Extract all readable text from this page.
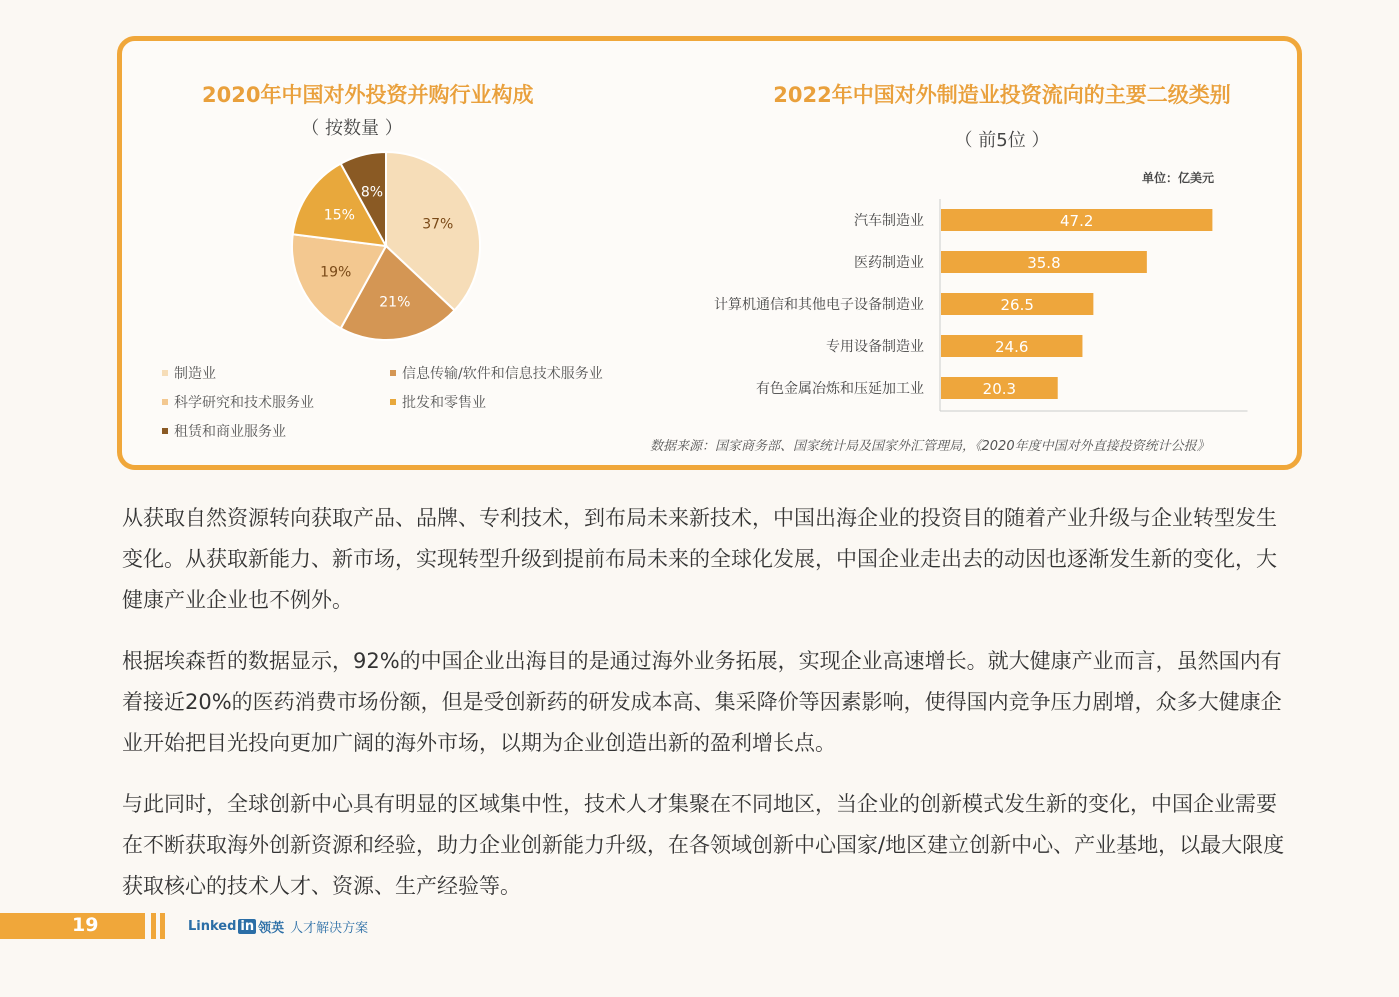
2020年中国对外投资并购行业构成
（ 按数量 ）
37%
21%
19%
15%
8%
制造业	信息传输/软件和信息技术服务业
科学研究和技术服务业	批发和零售业
租赁和商业服务业
2022年中国对外制造业投资流向的主要二级类别
（ 前5位 ）
单位：亿美元
汽车制造业	47.2
医药制造业	35.8
计算机通信和其他电子设备制造业	26.5
专用设备制造业	24.6
有色金属冶炼和压延加工业	20.3
数据来源：国家商务部、国家统计局及国家外汇管理局，《2020年度中国对外直接投资统计公报》
从获取自然资源转向获取产品、品牌、专利技术，到布局未来新技术，中国出海企业的投资目的随着产业升级与企业转型发生变化。从获取新能力、新市场，实现转型升级到提前布局未来的全球化发展，中国企业走出去的动因也逐渐发生新的变化，大健康产业企业也不例外。
根据埃森哲的数据显示，92%的中国企业出海目的是通过海外业务拓展，实现企业高速增长。就大健康产业而言，虽然国内有着接近20%的医药消费市场份额，但是受创新药的研发成本高、集采降价等因素影响，使得国内竞争压力剧增，众多大健康企业开始把目光投向更加广阔的海外市场，以期为企业创造出新的盈利增长点。
与此同时，全球创新中心具有明显的区域集中性，技术人才集聚在不同地区，当企业的创新模式发生新的变化，中国企业需要在不断获取海外创新资源和经验，助力企业创新能力升级，在各领域创新中心国家/地区建立创新中心、产业基地，以最大限度获取核心的技术人才、资源、生产经验等。
19	Linked in 领英 人才解决方案
